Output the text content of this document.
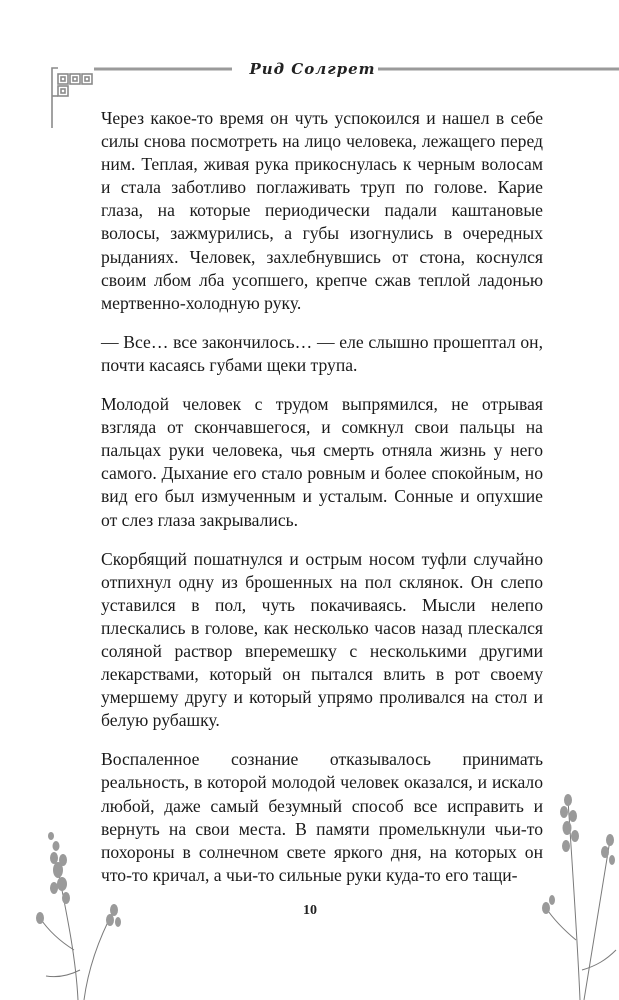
Рид Солгрет

Через какое-то время он чуть успокоился и нашел в себе силы снова посмотреть на лицо человека, лежащего перед ним. Теплая, живая рука прикоснулась к черным волосам и стала заботливо поглаживать труп по голове. Карие глаза, на которые периодически падали каштановые волосы, зажмурились, а губы изогнулись в очередных рыданиях. Человек, захлебнувшись от стона, коснулся своим лбом лба усопшего, крепче сжав теплой ладонью мертвенно-холодную руку.

— Все… все закончилось… — еле слышно прошептал он, почти касаясь губами щеки трупа.

Молодой человек с трудом выпрямился, не отрывая взгляда от скончавшегося, и сомкнул свои пальцы на пальцах руки человека, чья смерть отняла жизнь у него самого. Дыхание его стало ровным и более спокойным, но вид его был измученным и усталым. Сонные и опухшие от слез глаза закрывались.

Скорбящий пошатнулся и острым носом туфли случайно отпихнул одну из брошенных на пол склянок. Он слепо уставился в пол, чуть покачиваясь. Мысли нелепо плескались в голове, как несколько часов назад плескался соляной раствор вперемешку с несколькими другими лекарствами, который он пытался влить в рот своему умершему другу и который упрямо проливался на стол и белую рубашку.

Воспаленное сознание отказывалось принимать реальность, в которой молодой человек оказался, и искало любой, даже самый безумный способ все исправить и вернуть на свои места. В памяти промелькнули чьи-то похороны в солнечном свете яркого дня, на которых он что-то кричал, а чьи-то сильные руки куда-то его тащи-

10
